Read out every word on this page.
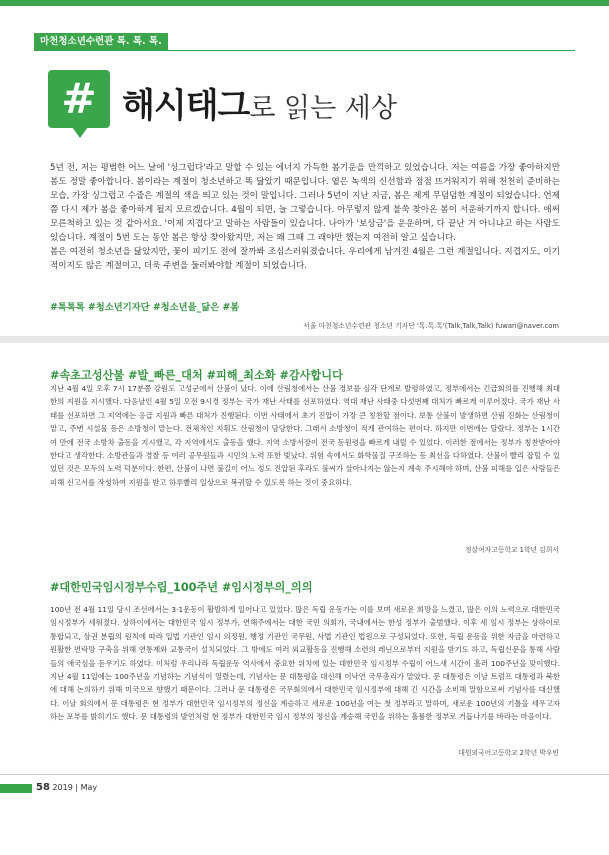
마천청소년수련관 톡. 톡. 톡.
# 해시태그로 읽는 세상

5년 전, 저는 평범한 어느 날에 '싱그럽다'라고 말할 수 있는 에너지 가득한 봄기운을 만끽하고 있었습니다. 저는 여름을 가장 좋아하지만 봄도 정말 좋아합니다. 봄이라는 계절이 청소년하고 똑 닮았기 때문입니다. 옅은 녹색의 신선함과 점점 뜨거워지기 위해 천천히 준비하는 모습, 가장 싱그럽고 수줍은 계절의 색을 띄고 있는 것이 말입니다. 그러나 5년이 지난 지금, 봄은 제게 무덤덤한 계절이 되었습니다. 언제쯤 다시 제가 봄을 좋아하게 될지 모르겠습니다. 4월이 되면, 늘 그렇습니다. 아무렇지 않게 불쑥 찾아온 봄이 서운하기까지 합니다. 애써 모른척하고 있는 것 같아서요. '이제 지겹다'고 말하는 사람들이 있습니다. 나아가 '보상금'을 운운하며, 다 끝난 거 아니냐고 하는 사람도 있습니다. 계절이 5번 도는 동안 봄은 항상 찾아왔지만, 저는 왜 그때 그 래야만 했는지 여전히 알고 싶습니다.

봄은 여전히 청소년을 닮았지만, 꽃이 피기도 전에 잘까봐 조심스러워졌습니다. 우리에게 남겨진 4월은 그런 계절입니다. 지겹지도, 이기적이지도 않은 계절이고, 더욱 주변을 둘러봐야할 계절이 되었습니다.

#톡톡톡 #청소년기자단 #청소년을_닮은 #봄
서울 마천청소년수련관 청소년 기자단 '톡.톡.톡'(Talk,Talk,Talk) fuwari@naver.com
#속초고성산불 #발_빠른_대처 #피해_최소화 #감사합니다
지난 4월 4일 오후 7시 17분쯤 강원도 고성군에서 산불이 났다. 이에 산림청에서는 산불 경보를 심각 단계로 발령하였고, 정부에서는 긴급회의를 진행해 최대한의 지원을 지시했다. 다음날인 4월 5일 오전 9시경 정부는 국가 재난 사태를 선포하였다. 역대 재난 사태중 다섯번째 대처가 빠르게 이루어졌다. 국가 재난 사태를 선포하면 그 지역에는 응급 지원과 빠른 대처가 진행된다. 이번 사태에서 초기 진압이 가장 큰 칭찬할 점이다. 보통 산불이 발생하면 산림 진화는 산림청이 맡고, 주변 시설물 등은 소방청이 맡는다. 전체적인 지휘도 산림청이 담당한다. 그래서 소방청이 적게 관여하는 편이다. 하지만 이번에는 달랐다. 정부는 1시간여 만에 전국 소방차 출동을 지시했고, 각 지역에서도 출동을 했다. 지역 소방서장이 전국 동원령을 빠르게 내릴 수 있었다. 이러한 점에서는 정부가 칭찬받아야 한다고 생각한다. 소방관들과 경찰 등 여러 공무원들과 시민의 노력 또한 빛났다. 위험 속에서도 화학물질 구조하는 등 최선을 다하였다. 산불이 빨리 잡힐 수 있었던 것은 모두의 노력 덕분이다. 한편, 산불이 나면 불길이 어느 정도 진압된 후라도 불씨가 살아나지는 않는지 계속 주시해야 하며, 산불 피해를 입은 사람들은 피해 신고서를 작성하여 지원을 받고 하루빨리 일상으로 복귀할 수 있도록 하는 것이 중요하다.
정살여자고등학교 1학년 김희서
#대한민국임시정부수립_100주년 #임시정부의_의의
100년 전 4월 11일 당시 조선에서는 3·1운동이 활발하게 일어나고 있었다. 많은 독립 운동가는 이를 보며 새로운 희망을 느꼈고, 많은 이의 노력으로 대한민국 임시정부가 세워졌다. 상하이에서는 대한민국 임시 정부가, 연해주에서는 대한 국민 의회가, 국내에서는 한성 정부가 출범했다. 이후 세 임시 정부는 상하이로 통합되고, 삼권 분립의 원칙에 따라 입법 기관인 임시 의정원, 행정 기관인 국무원, 사법 기관인 법원으로 구성되었다. 또한, 독립 운동을 위한 자금을 마련하고 원활한 연락망 구축을 위해 연통제와 교통국이 설치되었다. 그 밖에도 여러 외교활동을 진행해 소련의 레닌으로부터 지원을 받기도 하고, 독립신문을 통해 사람들의 애국심을 돋우기도 하였다. 이처럼 우리나라 독립운동 역사에서 중요한 위치에 있는 대한민국 임시정부 수립이 어느새 시간이 흘러 100주년을 맞이했다. 지난 4월 11일에는 100주년을 기념하는 기념식이 열렸는데, 기념사는 문 대통령을 대신해 이낙연 국무총리가 맡았다. 문 대통령은 이날 트럼프 대통령과 북한에 대해 논의하기 위해 미국으로 향했기 때문이다. 그러나 문 대통령은 국무회의에서 대한민국 임시정부에 대해 긴 시간을 소비해 말함으로써 기념사를 대신했다. 이날 회의에서 문 대통령은 현 정부가 대한민국 임시정부의 정신을 계승하고 새로운 100년을 여는 첫 정부라고 말하며, 새로운 100년의 기틀을 세우고자 하는 포부를 밝히기도 했다. 문 대통령의 발언처럼 현 정부가 대한민국 임시 정부의 정신을 계승해 국민을 위하는 훌륭한 정부로 거듭나기를 바라는 마음이다.
대원외국어고등학교 2학년 박우빈
58 2019 | May
